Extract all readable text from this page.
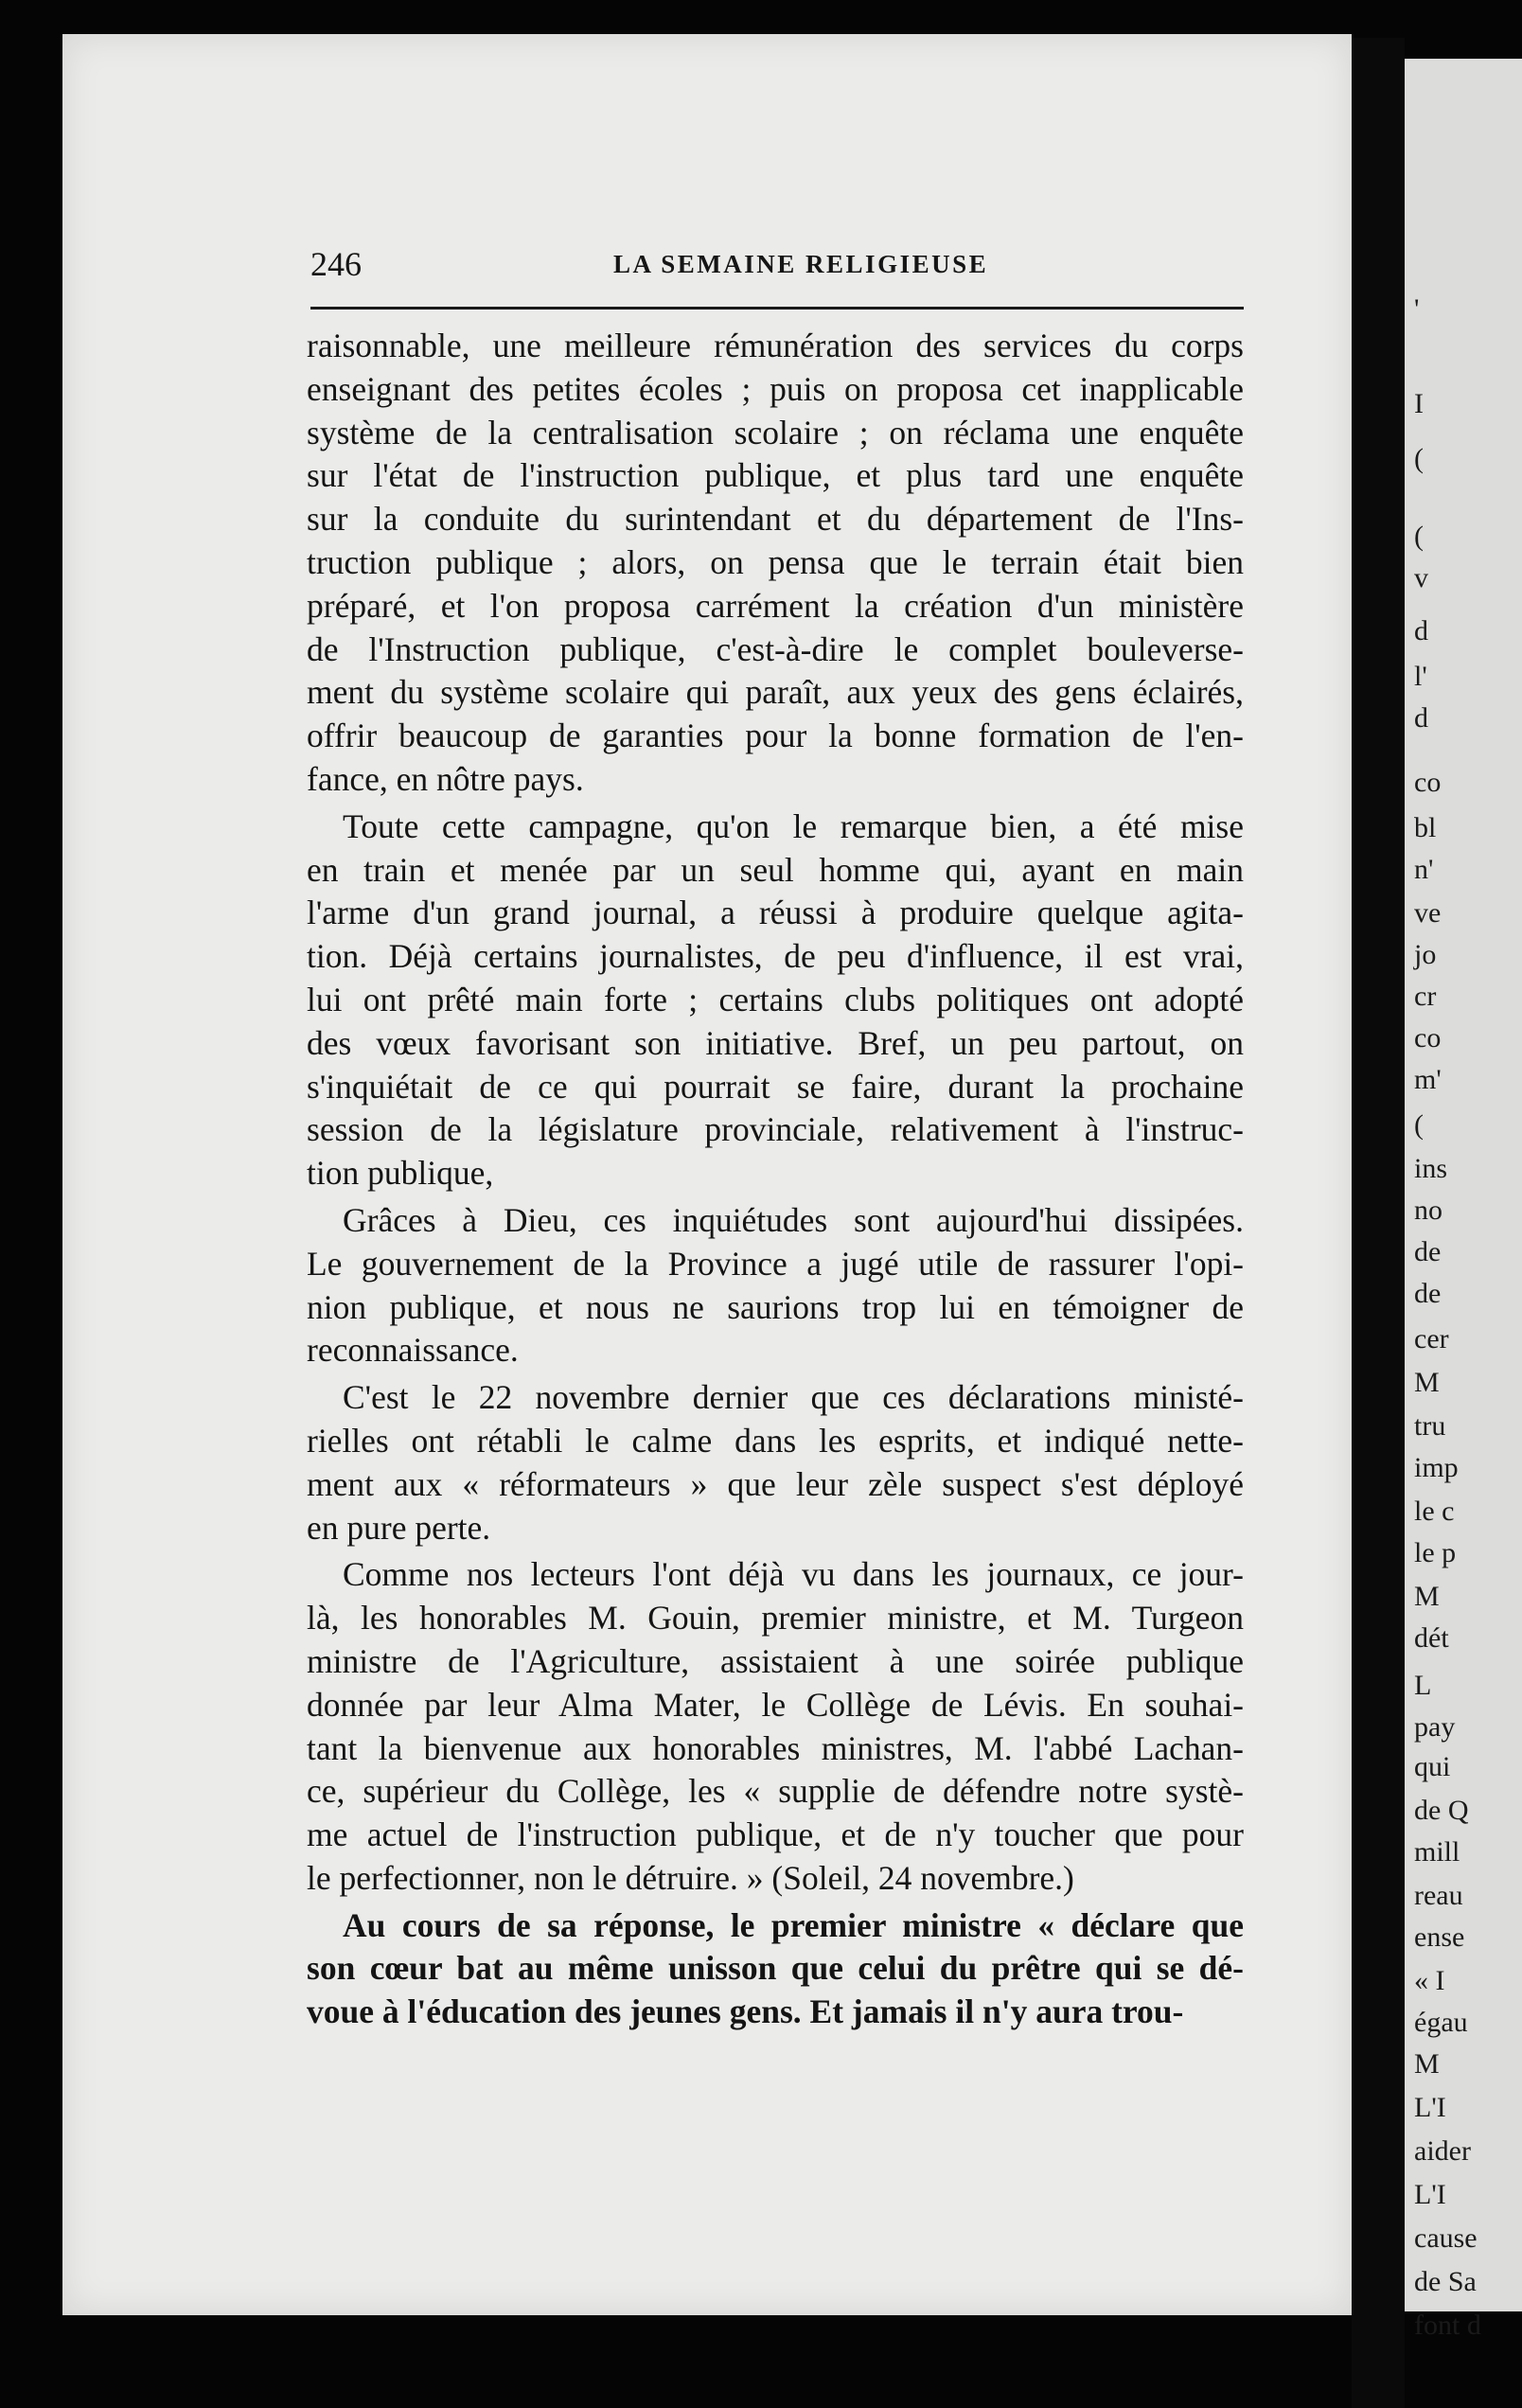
'
I
(
(
v
d
l'
d
co
bl
n'
ve
jo
cr
co
m'
(
ins
no
de
de
cer
M
tru
imp
le c
le p
M
dét
L
pay
qui
de Q
mill
reau
ense
« I
égau
M
L'I
aider
L'I
cause
de Sa
font d
246	LA SEMAINE RELIGIEUSE
raisonnable, une meilleure rémunération des services du corps
enseignant des petites écoles ; puis on proposa cet inapplicable
système de la centralisation scolaire ; on réclama une enquête
sur l'état de l'instruction publique, et plus tard une enquête
sur la conduite du surintendant et du département de l'Ins-
truction publique ; alors, on pensa que le terrain était bien
préparé, et l'on proposa carrément la création d'un ministère
de l'Instruction publique, c'est-à-dire le complet bouleverse-
ment du système scolaire qui paraît, aux yeux des gens éclairés,
offrir beaucoup de garanties pour la bonne formation de l'en-
fance, en nôtre pays.
Toute cette campagne, qu'on le remarque bien, a été mise
en train et menée par un seul homme qui, ayant en main
l'arme d'un grand journal, a réussi à produire quelque agita-
tion. Déjà certains journalistes, de peu d'influence, il est vrai,
lui ont prêté main forte ; certains clubs politiques ont adopté
des vœux favorisant son initiative. Bref, un peu partout, on
s'inquiétait de ce qui pourrait se faire, durant la prochaine
session de la législature provinciale, relativement à l'instruc-
tion publique,
Grâces à Dieu, ces inquiétudes sont aujourd'hui dissipées.
Le gouvernement de la Province a jugé utile de rassurer l'opi-
nion publique, et nous ne saurions trop lui en témoigner de
reconnaissance.
C'est le 22 novembre dernier que ces déclarations ministé-
rielles ont rétabli le calme dans les esprits, et indiqué nette-
ment aux « réformateurs » que leur zèle suspect s'est déployé
en pure perte.
Comme nos lecteurs l'ont déjà vu dans les journaux, ce jour-
là, les honorables M. Gouin, premier ministre, et M. Turgeon
ministre de l'Agriculture, assistaient à une soirée publique
donnée par leur Alma Mater, le Collège de Lévis. En souhai-
tant la bienvenue aux honorables ministres, M. l'abbé Lachan-
ce, supérieur du Collège, les « supplie de défendre notre systè-
me actuel de l'instruction publique, et de n'y toucher que pour
le perfectionner, non le détruire. » (Soleil, 24 novembre.)
Au cours de sa réponse, le premier ministre « déclare que
son cœur bat au même unisson que celui du prêtre qui se dé-
voue à l'éducation des jeunes gens. Et jamais il n'y aura trou-
